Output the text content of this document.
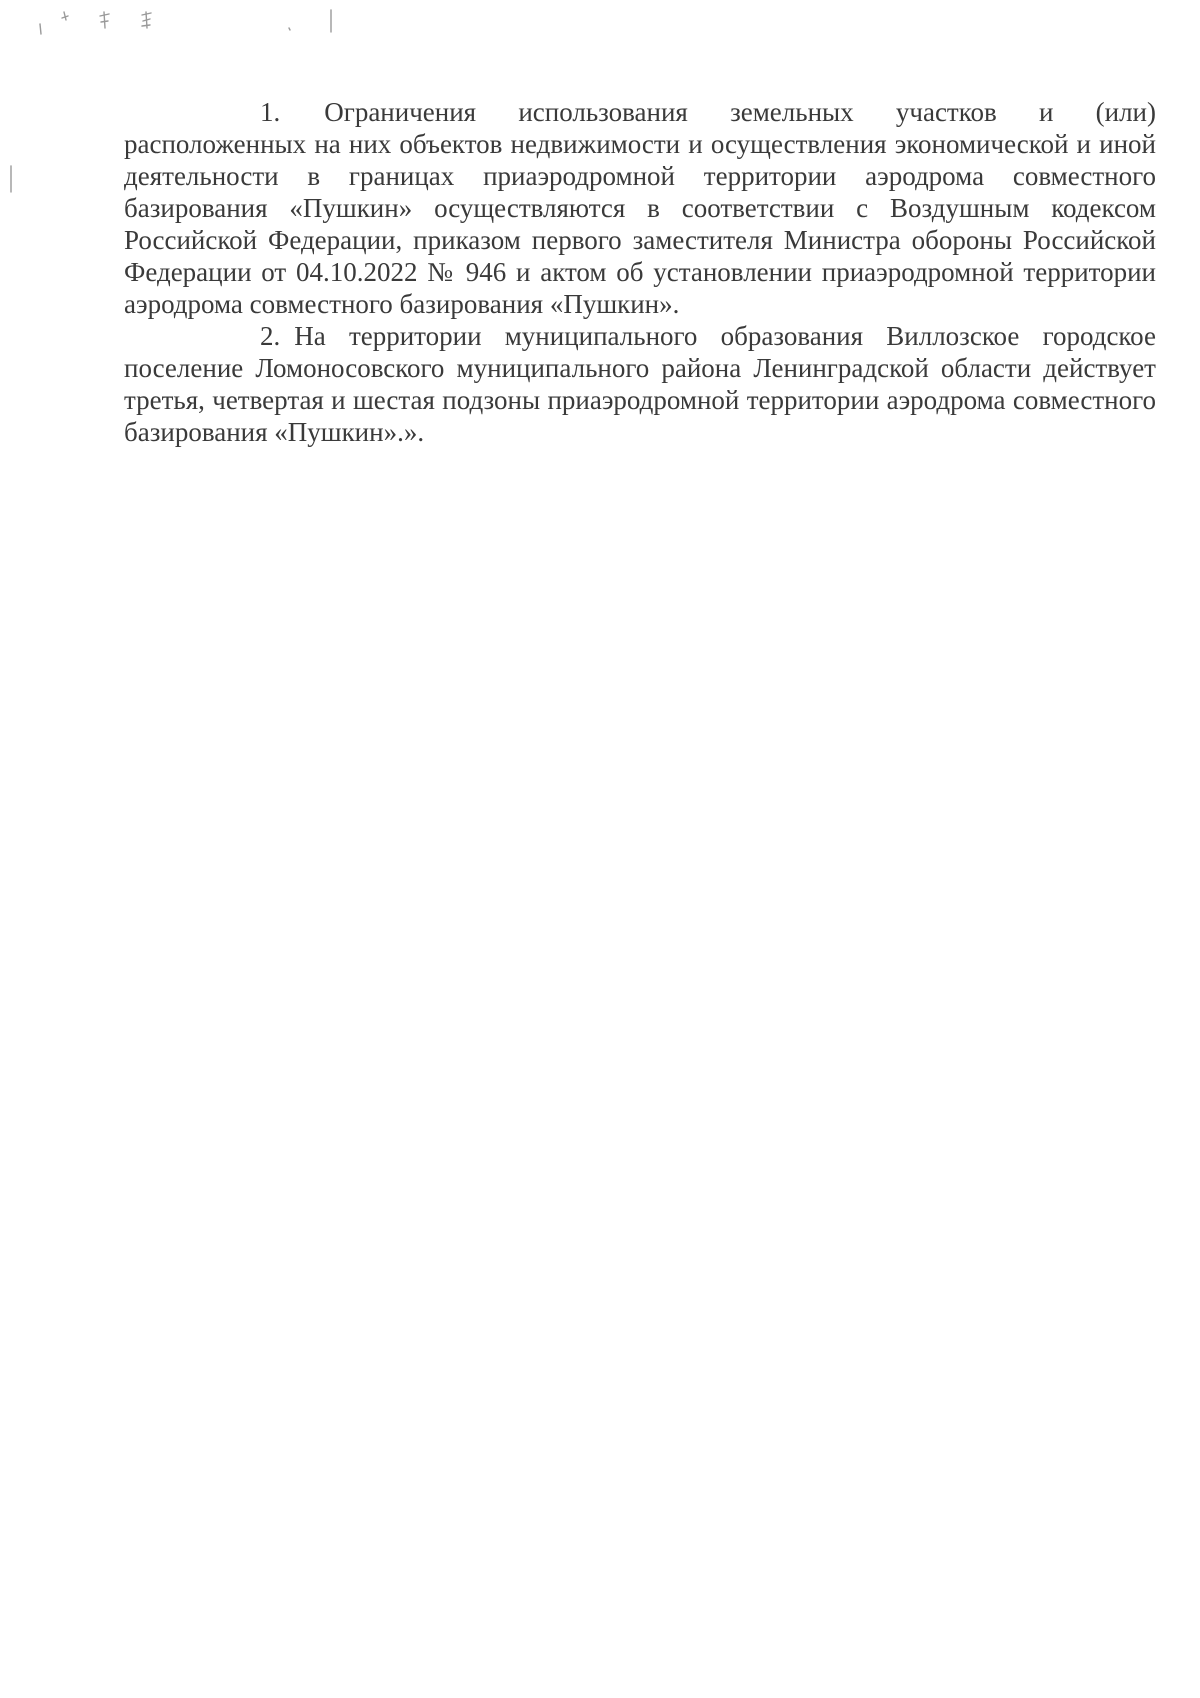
1. Ограничения использования земельных участков и (или) расположенных на них объектов недвижимости и осуществления экономической и иной деятельности в границах приаэродромной территории аэродрома совместного базирования «Пушкин» осуществляются в соответствии с Воздушным кодексом Российской Федерации, приказом первого заместителя Министра обороны Российской Федерации от 04.10.2022 № 946 и актом об установлении приаэродромной территории аэродрома совместного базирования «Пушкин».

2. На территории муниципального образования Виллозское городское поселение Ломоносовского муниципального района Ленинградской области действует третья, четвертая и шестая подзоны приаэродромной территории аэродрома совместного базирования «Пушкин».».
